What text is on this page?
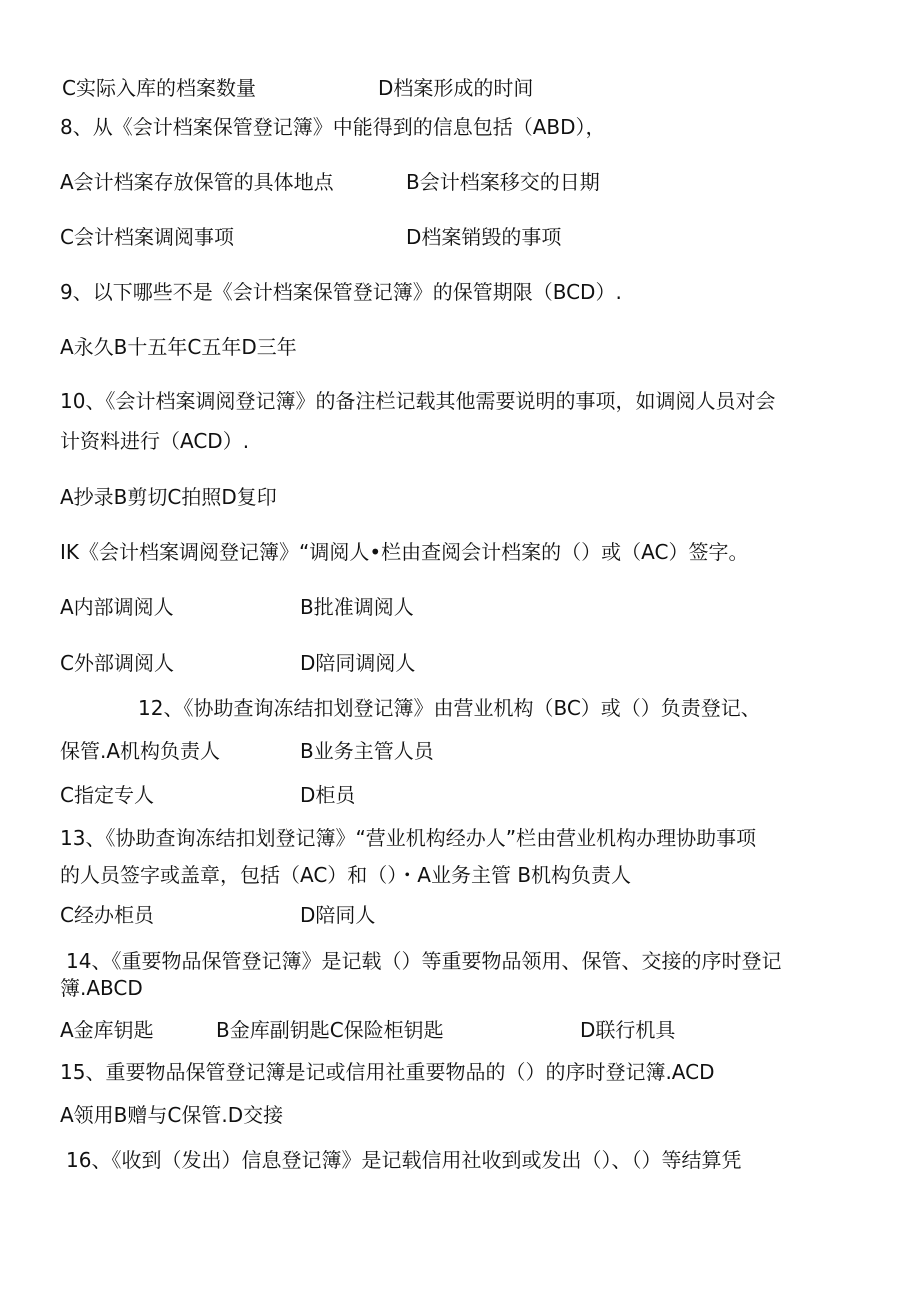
C实际入库的档案数量	D档案形成的时间
8、从《会计档案保管登记簿》中能得到的信息包括（ABD），
A会计档案存放保管的具体地点	B会计档案移交的日期
C会计档案调阅事项	D档案销毁的事项
9、以下哪些不是《会计档案保管登记簿》的保管期限（BCD）.
A永久B十五年C五年D三年
10、《会计档案调阅登记簿》的备注栏记载其他需要说明的事项，如调阅人员对会
计资料进行（ACD）.
A抄录B剪切C拍照D复印
IK《会计档案调阅登记簿》“调阅人•栏由查阅会计档案的（）或（AC）签字。
A内部调阅人	B批准调阅人
C外部调阅人	D陪同调阅人
12、《协助查询冻结扣划登记簿》由营业机构（BC）或（）负责登记、
保管.A机构负责人	B业务主管人员
C指定专人	D柜员
13、《协助查询冻结扣划登记簿》“营业机构经办人”栏由营业机构办理协助事项
的人员签字或盖章，包括（AC）和（）・A业务主管 B机构负责人
C经办柜员	D陪同人
14、《重要物品保管登记簿》是记载（）等重要物品领用、保管、交接的序时登记
簿.ABCD
A金库钥匙	B金库副钥匙C保险柜钥匙	D联行机具
15、重要物品保管登记簿是记或信用社重要物品的（）的序时登记簿.ACD
A领用B赠与C保管.D交接
16、《收到（发出）信息登记簿》是记载信用社收到或发出（）、（）等结算凭
